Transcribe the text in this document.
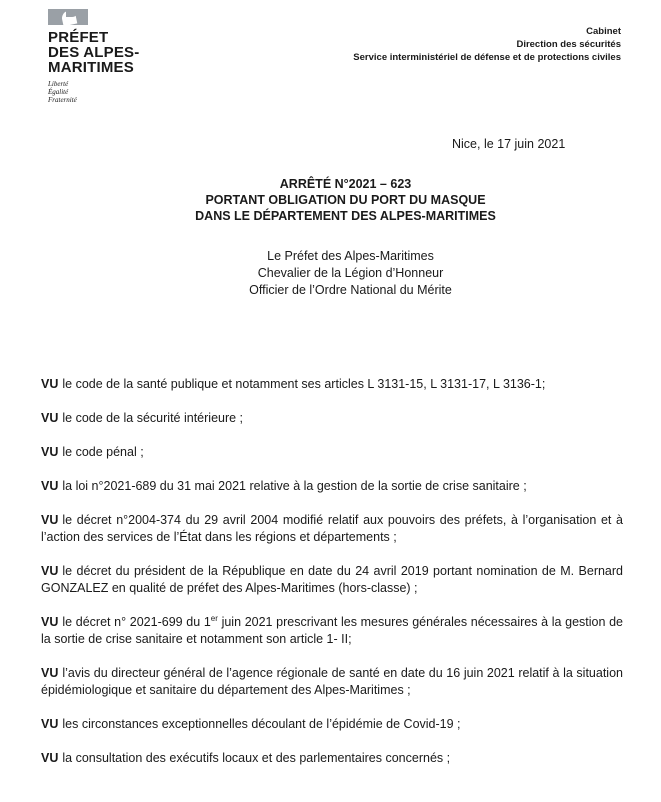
PRÉFET
DES ALPES-
MARITIMES
Liberté
Égalité
Fraternité
Cabinet
Direction des sécurités
Service interministériel de défense et de protections civiles
Nice, le 17 juin 2021
ARRÊTÉ N°2021 – 623
PORTANT OBLIGATION DU PORT DU MASQUE
DANS LE DÉPARTEMENT DES ALPES-MARITIMES
Le Préfet des Alpes-Maritimes
Chevalier de la Légion d’Honneur
Officier de l’Ordre National du Mérite

VU le code de la santé publique et notamment ses articles L 3131-15, L 3131-17, L 3136-1;

VU le code de la sécurité intérieure ;

VU le code pénal ;

VU la loi n°2021-689 du 31 mai 2021 relative à la gestion de la sortie de crise sanitaire ;

VU le décret n°2004-374 du 29 avril 2004 modifié relatif aux pouvoirs des préfets, à l’organisation et à l’action des services de l’État dans les régions et départements ;

VU le décret du président de la République en date du 24 avril 2019 portant nomination de M. Bernard GONZALEZ en qualité de préfet des Alpes-Maritimes (hors-classe) ;

VU le décret n° 2021-699 du 1er juin 2021 prescrivant les mesures générales nécessaires à la gestion de la sortie de crise sanitaire et notamment son article 1- II;

VU l’avis du directeur général de l’agence régionale de santé en date du 16 juin 2021 relatif à la situation épidémiologique et sanitaire du département des Alpes-Maritimes ;

VU les circonstances exceptionnelles découlant de l’épidémie de Covid-19 ;

VU la consultation des exécutifs locaux et des parlementaires concernés ;
